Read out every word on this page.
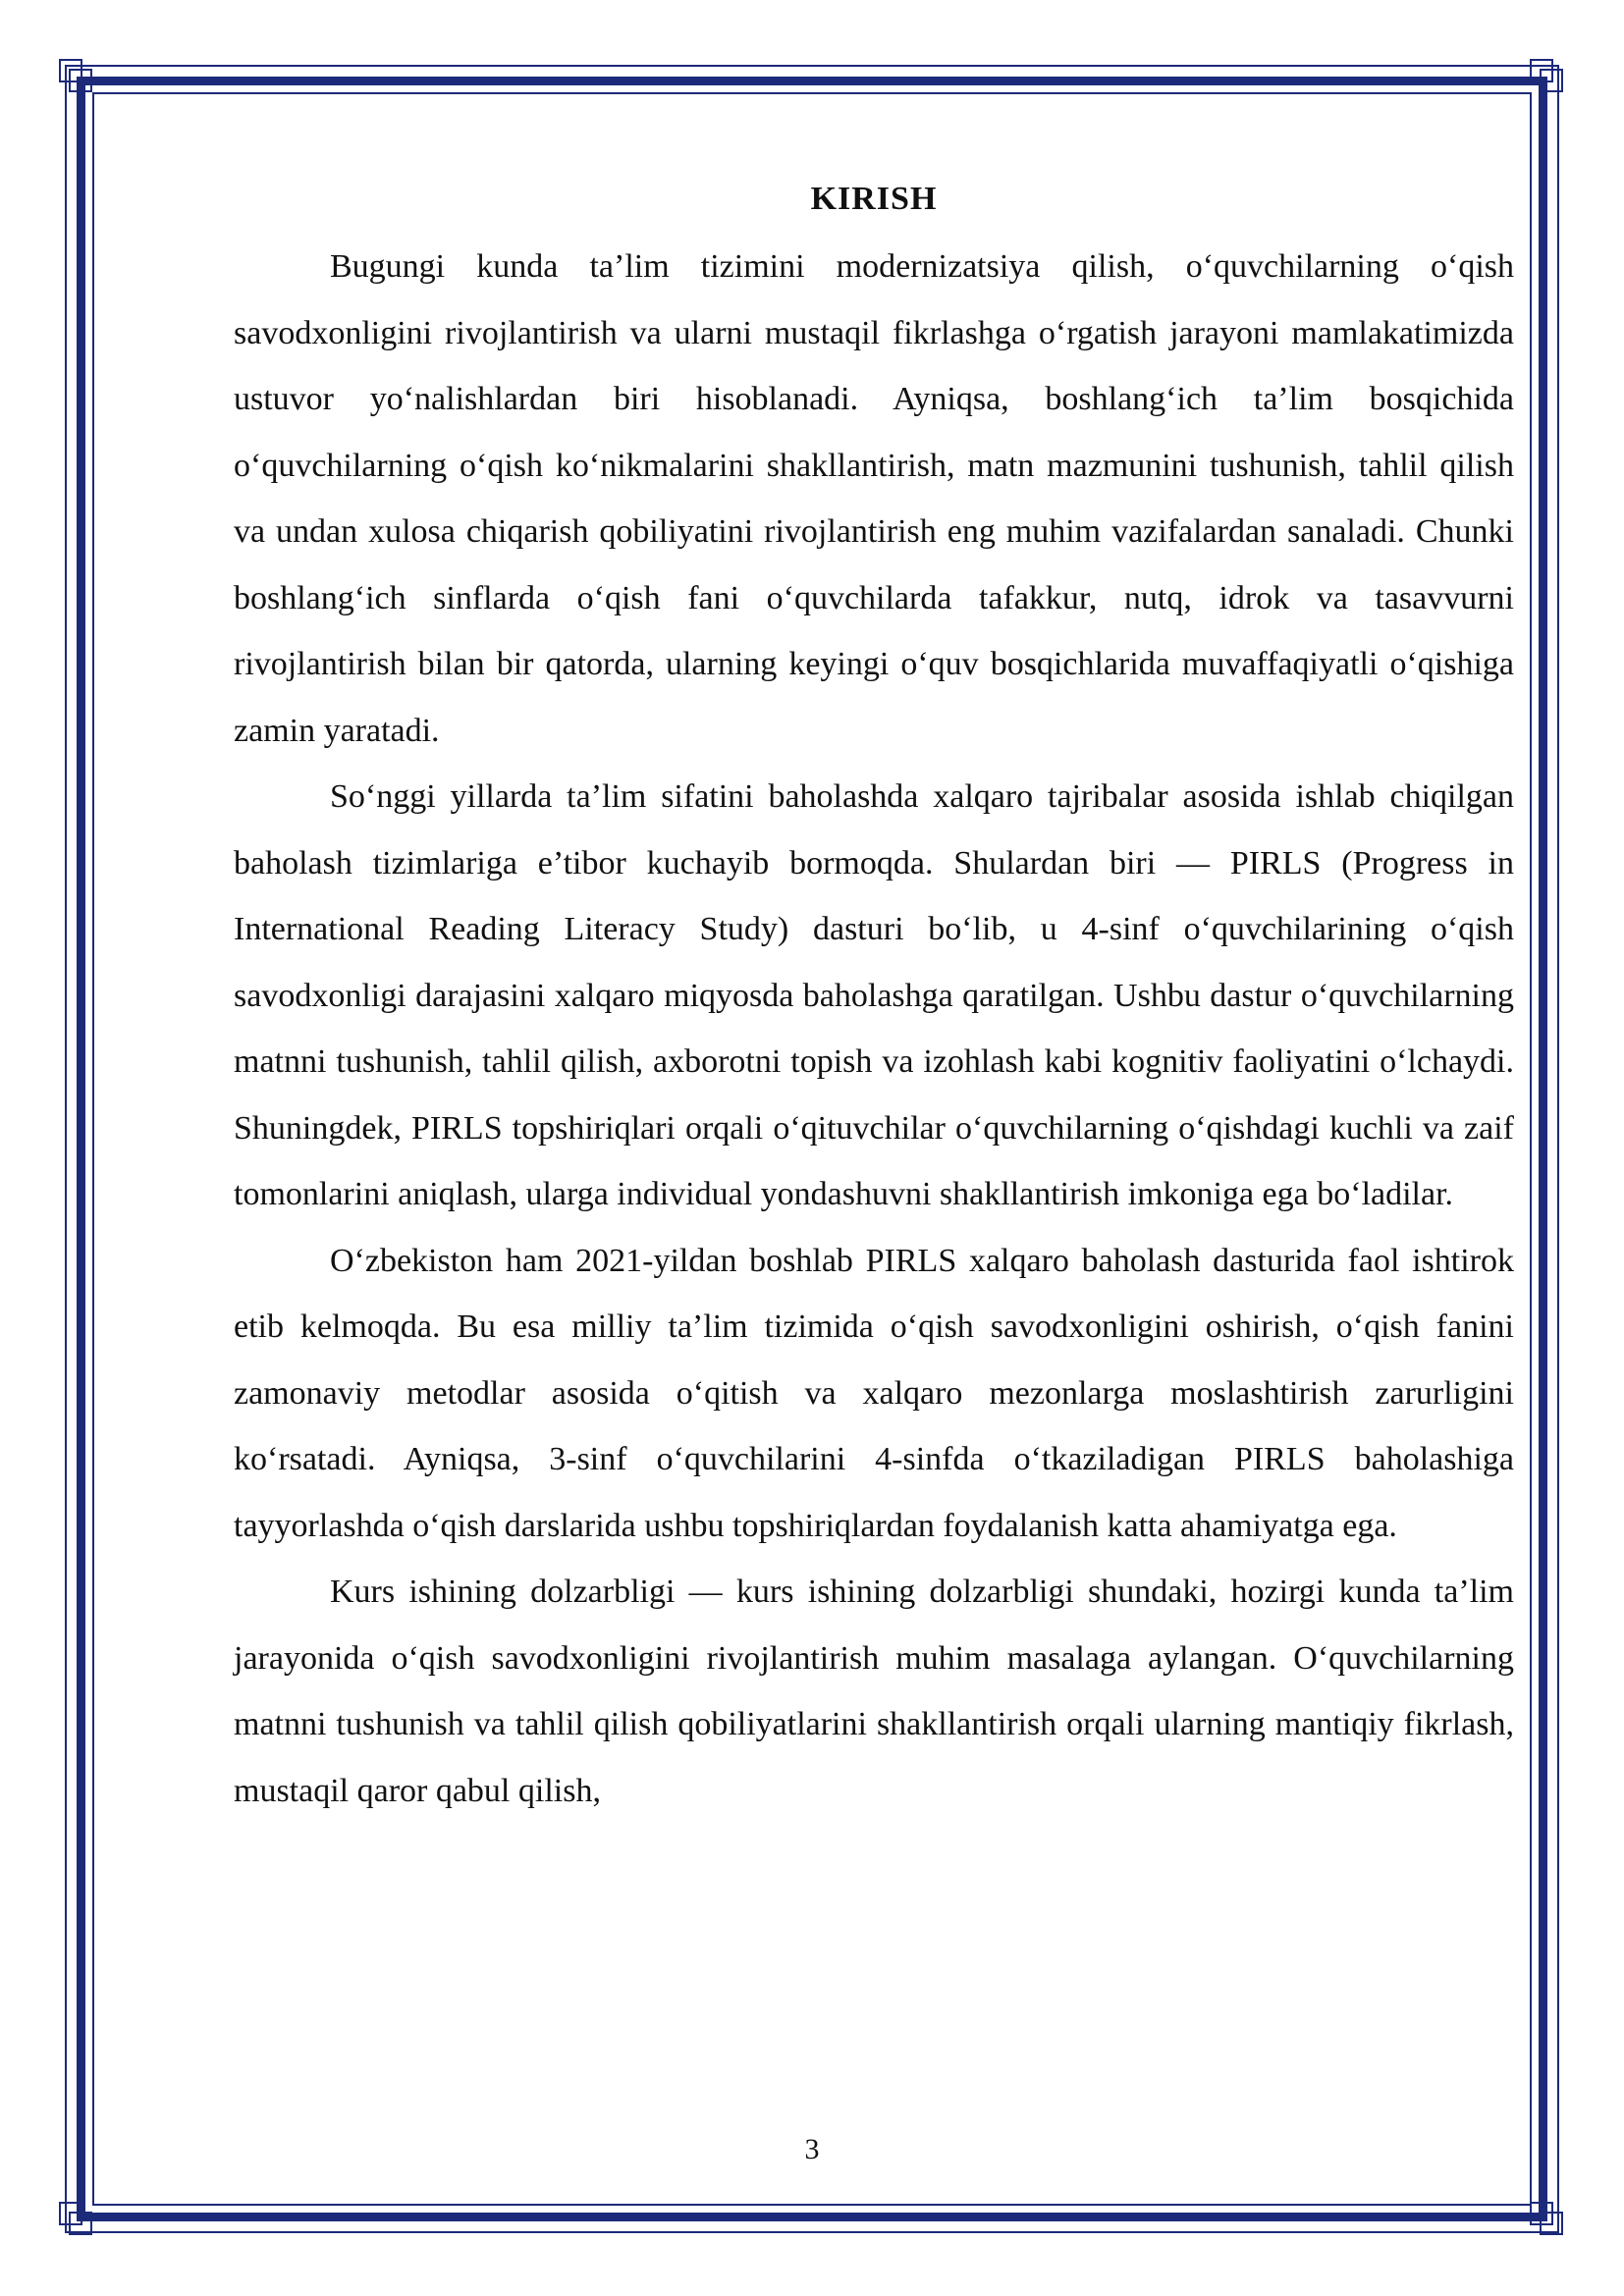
KIRISH

Bugungi kunda ta’lim tizimini modernizatsiya qilish, o‘quvchilarning o‘qish savodxonligini rivojlantirish va ularni mustaqil fikrlashga o‘rgatish jarayoni mamlakatimizda ustuvor yo‘nalishlardan biri hisoblanadi. Ayniqsa, boshlang‘ich ta’lim bosqichida o‘quvchilarning o‘qish ko‘nikmalarini shakllantirish, matn mazmunini tushunish, tahlil qilish va undan xulosa chiqarish qobiliyatini rivojlantirish eng muhim vazifalardan sanaladi. Chunki boshlang‘ich sinflarda o‘qish fani o‘quvchilarda tafakkur, nutq, idrok va tasavvurni rivojlantirish bilan bir qatorda, ularning keyingi o‘quv bosqichlarida muvaffaqiyatli o‘qishiga zamin yaratadi.

So‘nggi yillarda ta’lim sifatini baholashda xalqaro tajribalar asosida ishlab chiqilgan baholash tizimlariga e’tibor kuchayib bormoqda. Shulardan biri — PIRLS (Progress in International Reading Literacy Study) dasturi bo‘lib, u 4-sinf o‘quvchilarining o‘qish savodxonligi darajasini xalqaro miqyosda baholashga qaratilgan. Ushbu dastur o‘quvchilarning matnni tushunish, tahlil qilish, axborotni topish va izohlash kabi kognitiv faoliyatini o‘lchaydi. Shuningdek, PIRLS topshiriqlari orqali o‘qituvchilar o‘quvchilarning o‘qishdagi kuchli va zaif tomonlarini aniqlash, ularga individual yondashuvni shakllantirish imkoniga ega bo‘ladilar.

O‘zbekiston ham 2021-yildan boshlab PIRLS xalqaro baholash dasturida faol ishtirok etib kelmoqda. Bu esa milliy ta’lim tizimida o‘qish savodxonligini oshirish, o‘qish fanini zamonaviy metodlar asosida o‘qitish va xalqaro mezonlarga moslashtirish zarurligini ko‘rsatadi. Ayniqsa, 3-sinf o‘quvchilarini 4-sinfda o‘tkaziladigan PIRLS baholashiga tayyorlashda o‘qish darslarida ushbu topshiriqlardan foydalanish katta ahamiyatga ega.

Kurs ishining dolzarbligi — kurs ishining dolzarbligi shundaki, hozirgi kunda ta’lim jarayonida o‘qish savodxonligini rivojlantirish muhim masalaga aylangan. O‘quvchilarning matnni tushunish va tahlil qilish qobiliyatlarini shakllantirish orqali ularning mantiqiy fikrlash, mustaqil qaror qabul qilish,

3
